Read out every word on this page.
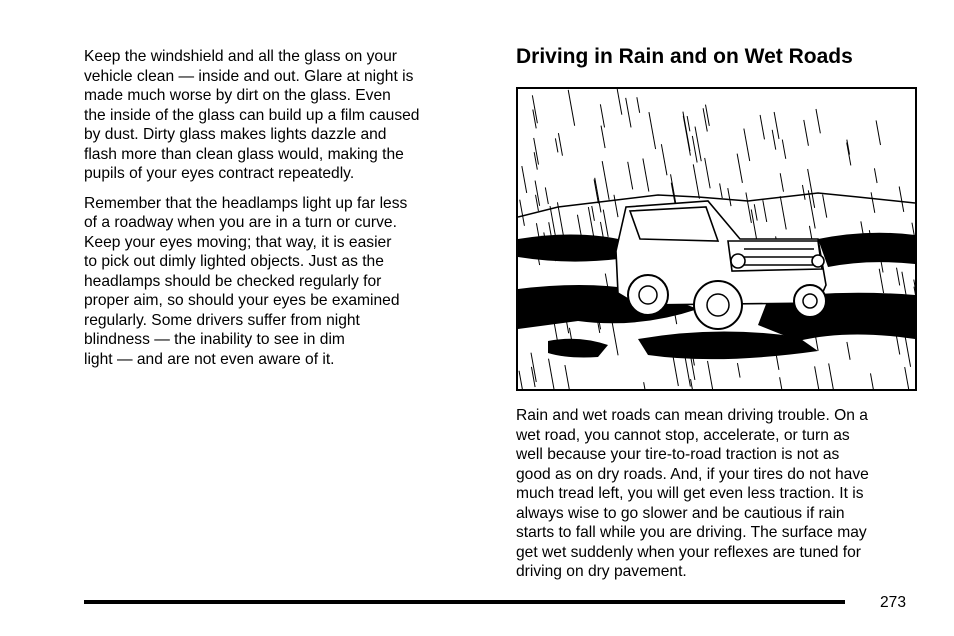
Keep the windshield and all the glass on your
vehicle clean — inside and out. Glare at night is
made much worse by dirt on the glass. Even
the inside of the glass can build up a film caused
by dust. Dirty glass makes lights dazzle and
flash more than clean glass would, making the
pupils of your eyes contract repeatedly.

Remember that the headlamps light up far less
of a roadway when you are in a turn or curve.
Keep your eyes moving; that way, it is easier
to pick out dimly lighted objects. Just as the
headlamps should be checked regularly for
proper aim, so should your eyes be examined
regularly. Some drivers suffer from night
blindness — the inability to see in dim
light — and are not even aware of it.

Driving in Rain and on Wet Roads

Rain and wet roads can mean driving trouble. On a
wet road, you cannot stop, accelerate, or turn as
well because your tire-to-road traction is not as
good as on dry roads. And, if your tires do not have
much tread left, you will get even less traction. It is
always wise to go slower and be cautious if rain
starts to fall while you are driving. The surface may
get wet suddenly when your reflexes are tuned for
driving on dry pavement.

273
